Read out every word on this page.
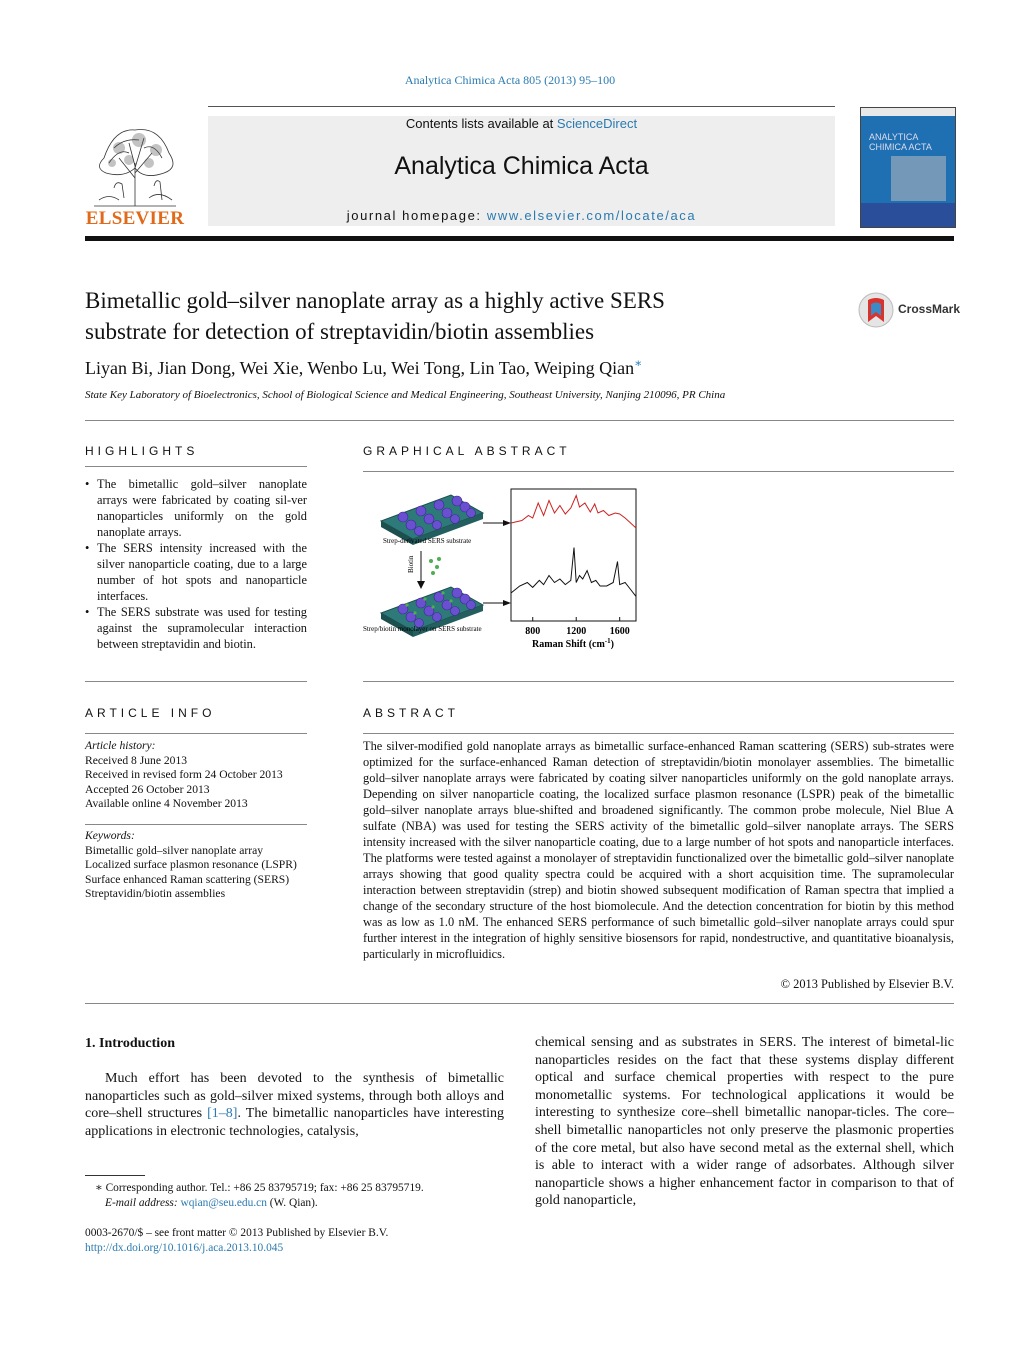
Analytica Chimica Acta 805 (2013) 95–100
ELSEVIER
Contents lists available at ScienceDirect
Analytica Chimica Acta
journal homepage: www.elsevier.com/locate/aca
ANALYTICA
CHIMICA ACTA
Bimetallic gold–silver nanoplate array as a highly active SERS
substrate for detection of streptavidin/biotin assemblies
CrossMark
Liyan Bi, Jian Dong, Wei Xie, Wenbo Lu, Wei Tong, Lin Tao, Weiping Qian∗
State Key Laboratory of Bioelectronics, School of Biological Science and Medical Engineering, Southeast University, Nanjing 210096, PR China
HIGHLIGHTS
• The bimetallic gold–silver nanoplate arrays were fabricated by coating sil-ver nanoparticles uniformly on the gold nanoplate arrays.
• The SERS intensity increased with the silver nanoparticle coating, due to a large number of hot spots and nanoparticle interfaces.
• The SERS substrate was used for testing against the supramolecular interaction between streptavidin and biotin.
GRAPHICAL ABSTRACT
Strep-derivated SERS substrate
Biotin
Strep/biotin monolayer on SERS substrate	800	1200 1600
Raman Shift $(cm^{-1})$
ARTICLE INFO
Article history:
Received 8 June 2013
Received in revised form 24 October 2013
Accepted 26 October 2013
Available online 4 November 2013
Keywords:
Bimetallic gold–silver nanoplate array
Localized surface plasmon resonance (LSPR)
Surface enhanced Raman scattering (SERS)
Streptavidin/biotin assemblies
ABSTRACT
The silver-modified gold nanoplate arrays as bimetallic surface-enhanced Raman scattering (SERS) sub-strates were optimized for the surface-enhanced Raman detection of streptavidin/biotin monolayer assemblies. The bimetallic gold–silver nanoplate arrays were fabricated by coating silver nanoparticles uniformly on the gold nanoplate arrays. Depending on silver nanoparticle coating, the localized surface plasmon resonance (LSPR) peak of the bimetallic gold–silver nanoplate arrays blue-shifted and broadened significantly. The common probe molecule, Niel Blue A sulfate (NBA) was used for testing the SERS activity of the bimetallic gold–silver nanoplate arrays. The SERS intensity increased with the silver nanoparticle coating, due to a large number of hot spots and nanoparticle interfaces. The platforms were tested against a monolayer of streptavidin functionalized over the bimetallic gold–silver nanoplate arrays showing that good quality spectra could be acquired with a short acquisition time. The supramolecular interaction between streptavidin (strep) and biotin showed subsequent modification of Raman spectra that implied a change of the secondary structure of the host biomolecule. And the detection concentration for biotin by this method was as low as 1.0 nM. The enhanced SERS performance of such bimetallic gold–silver nanoplate arrays could spur further interest in the integration of highly sensitive biosensors for rapid, nondestructive, and quantitative bioanalysis, particularly in microfluidics.
© 2013 Published by Elsevier B.V.
1. Introduction
Much effort has been devoted to the synthesis of bimetallic nanoparticles such as gold–silver mixed systems, through both alloys and core–shell structures [1–8]. The bimetallic nanoparticles have interesting applications in electronic technologies, catalysis,
chemical sensing and as substrates in SERS. The interest of bimetal-lic nanoparticles resides on the fact that these systems display different optical and surface chemical properties with respect to the pure monometallic systems. For technological applications it would be interesting to synthesize core–shell bimetallic nanopar-ticles. The core–shell bimetallic nanoparticles not only preserve the plasmonic properties of the core metal, but also have second metal as the external shell, which is able to interact with a wider range of adsorbates. Although silver nanoparticle shows a higher enhancement factor in comparison to that of gold nanoparticle,
∗ Corresponding author. Tel.: +86 25 83795719; fax: +86 25 83795719.
E-mail address: wqian@seu.edu.cn (W. Qian).
0003-2670/$ – see front matter © 2013 Published by Elsevier B.V.
http://dx.doi.org/10.1016/j.aca.2013.10.045
